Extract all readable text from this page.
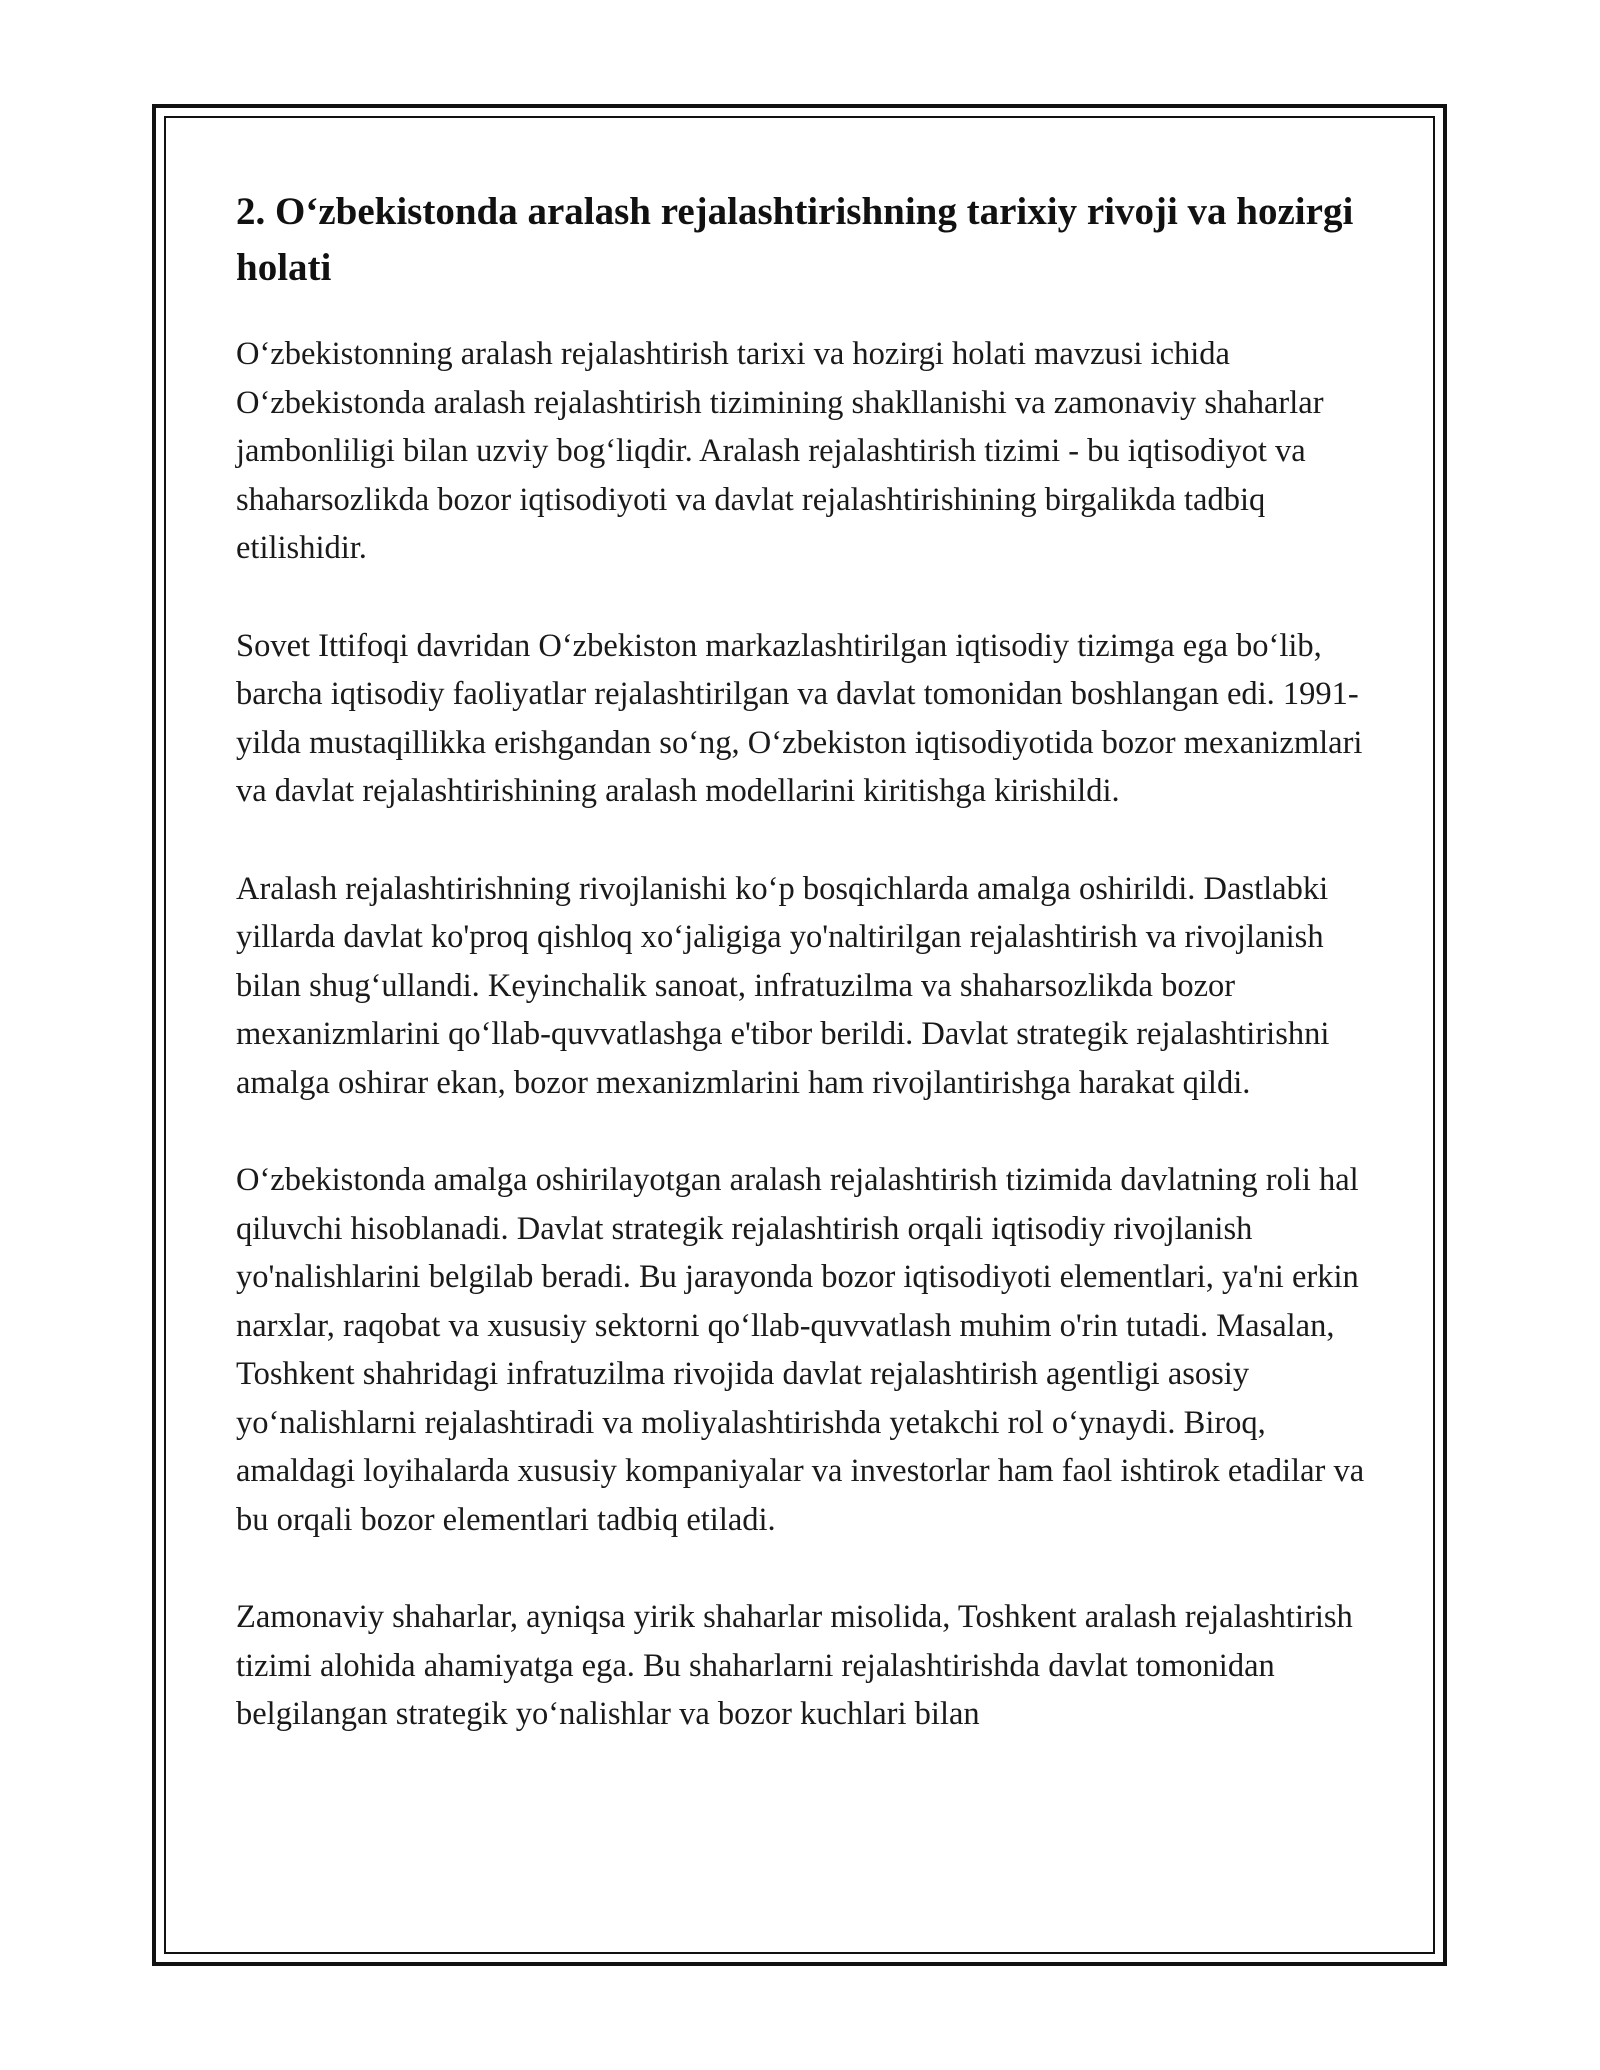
2. O‘zbekistonda aralash rejalashtirishning tarixiy rivoji va hozirgi holati

O‘zbekistonning aralash rejalashtirish tarixi va hozirgi holati mavzusi ichida O‘zbekistonda aralash rejalashtirish tizimining shakllanishi va zamonaviy shaharlar jambonliligi bilan uzviy bog‘liqdir. Aralash rejalashtirish tizimi - bu iqtisodiyot va shaharsozlikda bozor iqtisodiyoti va davlat rejalashtirishining birgalikda tadbiq etilishidir.

Sovet Ittifoqi davridan O‘zbekiston markazlashtirilgan iqtisodiy tizimga ega bo‘lib, barcha iqtisodiy faoliyatlar rejalashtirilgan va davlat tomonidan boshlangan edi. 1991-yilda mustaqillikka erishgandan so‘ng, O‘zbekiston iqtisodiyotida bozor mexanizmlari va davlat rejalashtirishining aralash modellarini kiritishga kirishildi.

Aralash rejalashtirishning rivojlanishi ko‘p bosqichlarda amalga oshirildi. Dastlabki yillarda davlat ko'proq qishloq xo‘jaligiga yo'naltirilgan rejalashtirish va rivojlanish bilan shug‘ullandi. Keyinchalik sanoat, infratuzilma va shaharsozlikda bozor mexanizmlarini qo‘llab-quvvatlashga e'tibor berildi. Davlat strategik rejalashtirishni amalga oshirar ekan, bozor mexanizmlarini ham rivojlantirishga harakat qildi.

O‘zbekistonda amalga oshirilayotgan aralash rejalashtirish tizimida davlatning roli hal qiluvchi hisoblanadi. Davlat strategik rejalashtirish orqali iqtisodiy rivojlanish yo'nalishlarini belgilab beradi. Bu jarayonda bozor iqtisodiyoti elementlari, ya'ni erkin narxlar, raqobat va xususiy sektorni qo‘llab-quvvatlash muhim o'rin tutadi. Masalan, Toshkent shahridagi infratuzilma rivojida davlat rejalashtirish agentligi asosiy yo‘nalishlarni rejalashtiradi va moliyalashtirishda yetakchi rol o‘ynaydi. Biroq, amaldagi loyihalarda xususiy kompaniyalar va investorlar ham faol ishtirok etadilar va bu orqali bozor elementlari tadbiq etiladi.

Zamonaviy shaharlar, ayniqsa yirik shaharlar misolida, Toshkent aralash rejalashtirish tizimi alohida ahamiyatga ega. Bu shaharlarni rejalashtirishda davlat tomonidan belgilangan strategik yo‘nalishlar va bozor kuchlari bilan
